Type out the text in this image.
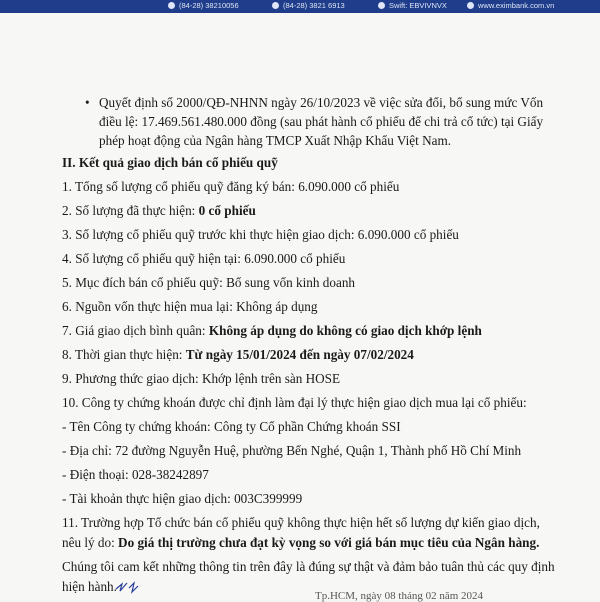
(84-28) 38210056	(84-28) 3821 6913	Swift: EBVIVNVX	www.eximbank.com.vn
• Quyết định số 2000/QĐ-NHNN ngày 26/10/2023 về việc sửa đổi, bổ sung mức Vốn
điều lệ: 17.469.561.480.000 đồng (sau phát hành cổ phiếu để chi trả cổ tức) tại Giấy
phép hoạt động của Ngân hàng TMCP Xuất Nhập Khẩu Việt Nam.
II. Kết quả giao dịch bán cổ phiếu quỹ
1. Tổng số lượng cổ phiếu quỹ đăng ký bán: 6.090.000 cổ phiếu
2. Số lượng đã thực hiện: 0 cổ phiếu
3. Số lượng cổ phiếu quỹ trước khi thực hiện giao dịch: 6.090.000 cổ phiếu
4. Số lượng cổ phiếu quỹ hiện tại: 6.090.000 cổ phiếu
5. Mục đích bán cổ phiếu quỹ: Bổ sung vốn kinh doanh
6. Nguồn vốn thực hiện mua lại: Không áp dụng
7. Giá giao dịch bình quân: Không áp dụng do không có giao dịch khớp lệnh
8. Thời gian thực hiện: Từ ngày 15/01/2024 đến ngày 07/02/2024
9. Phương thức giao dịch: Khớp lệnh trên sàn HOSE
10. Công ty chứng khoán được chỉ định làm đại lý thực hiện giao dịch mua lại cổ phiếu:
- Tên Công ty chứng khoán: Công ty Cổ phần Chứng khoán SSI
- Địa chỉ: 72 đường Nguyễn Huệ, phường Bến Nghé, Quận 1, Thành phố Hồ Chí Minh
- Điện thoại: 028-38242897
- Tài khoản thực hiện giao dịch: 003C399999
11. Trường hợp Tổ chức bán cổ phiếu quỹ không thực hiện hết số lượng dự kiến giao dịch,
nêu lý do: Do giá thị trường chưa đạt kỳ vọng so với giá bán mục tiêu của Ngân hàng.
Chúng tôi cam kết những thông tin trên đây là đúng sự thật và đảm bảo tuân thủ các quy định
hiện hành.
Tp.HCM, ngày 08 tháng 02 năm 2024
